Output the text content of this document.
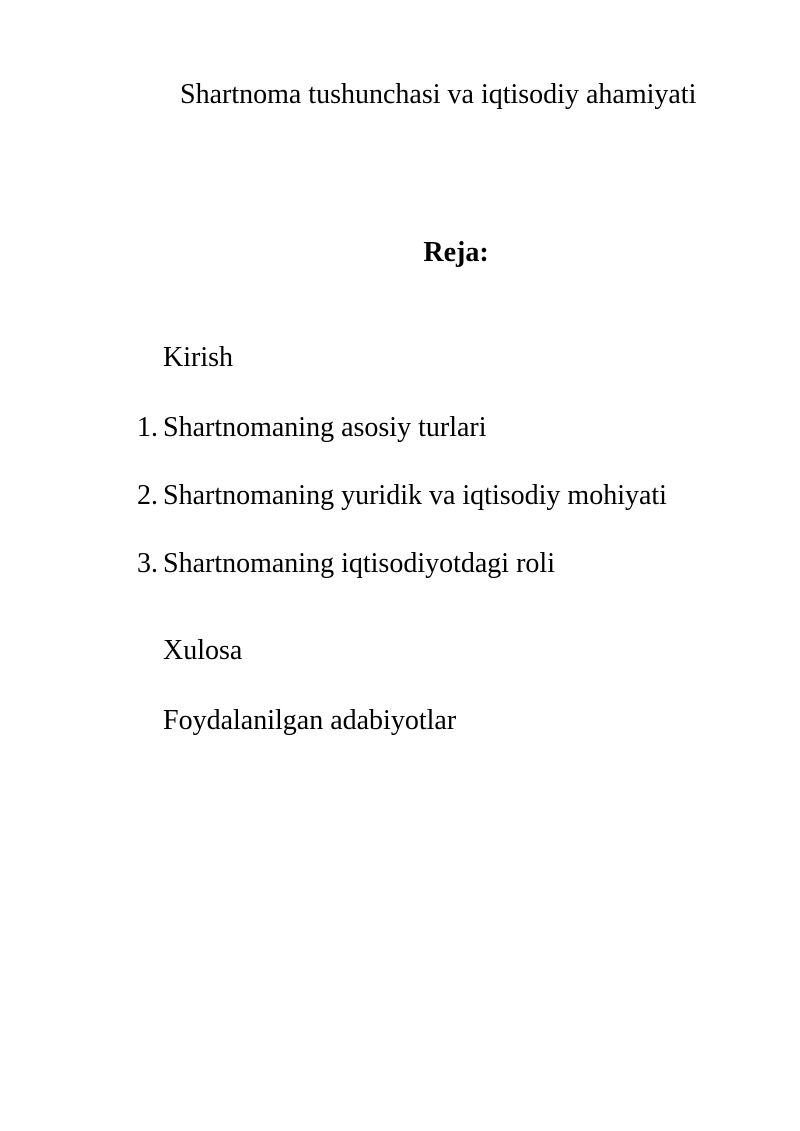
Shartnoma tushunchasi va iqtisodiy ahamiyati
Reja:
Kirish
1. Shartnomaning asosiy turlari
2. Shartnomaning yuridik va iqtisodiy mohiyati
3. Shartnomaning iqtisodiyotdagi roli
Xulosa
Foydalanilgan adabiyotlar
